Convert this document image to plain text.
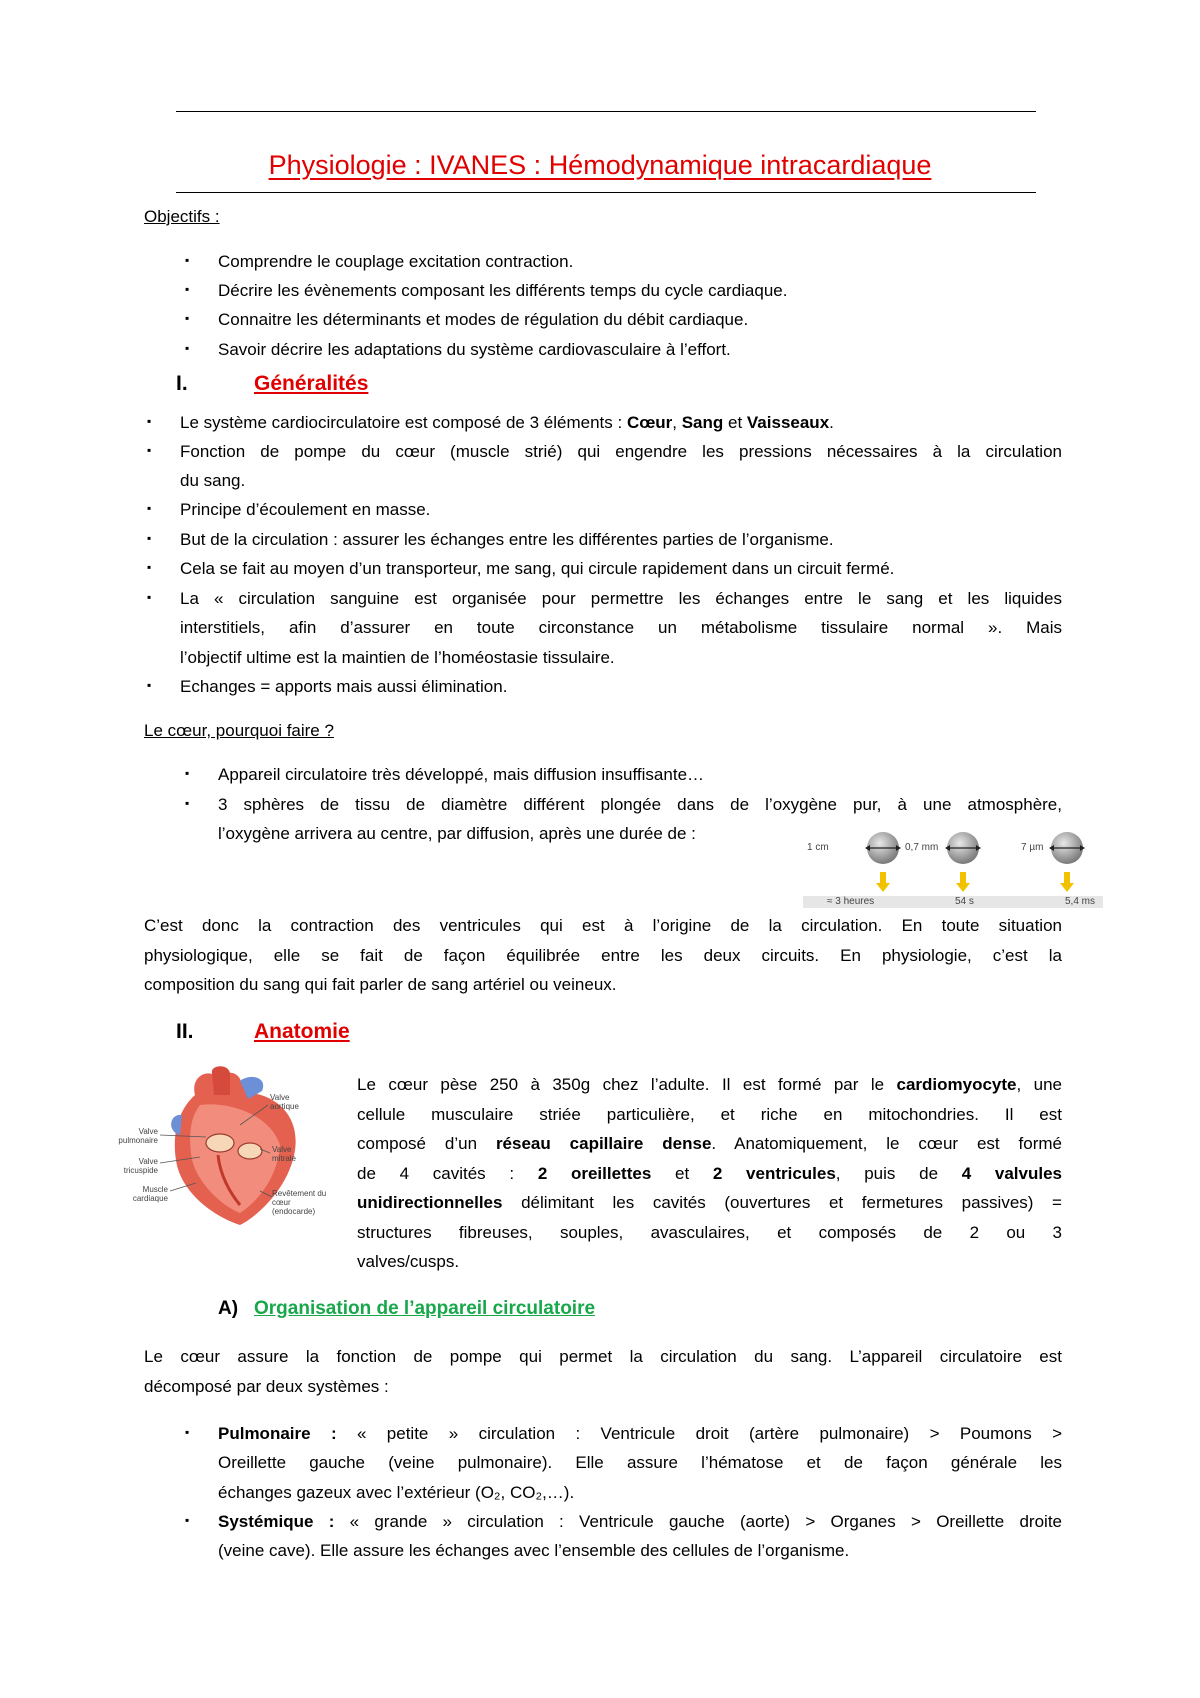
Physiologie : IVANES : Hémodynamique intracardiaque
Objectifs :
▪ Comprendre le couplage excitation contraction.
▪ Décrire les évènements composant les différents temps du cycle cardiaque.
▪ Connaitre les déterminants et modes de régulation du débit cardiaque.
▪ Savoir décrire les adaptations du système cardiovasculaire à l’effort.
I.	Généralités
▪ Le système cardiocirculatoire est composé de 3 éléments : Cœur, Sang et Vaisseaux.
▪ Fonction de pompe du cœur (muscle strié) qui engendre les pressions nécessaires à la circulation
du sang.
▪ Principe d’écoulement en masse.
▪ But de la circulation : assurer les échanges entre les différentes parties de l’organisme.
▪ Cela se fait au moyen d’un transporteur, me sang, qui circule rapidement dans un circuit fermé.
▪ La « circulation sanguine est organisée pour permettre les échanges entre le sang et les liquides
interstitiels, afin d’assurer en toute circonstance un métabolisme tissulaire normal ». Mais
l’objectif ultime est la maintien de l’homéostasie tissulaire.
▪ Echanges = apports mais aussi élimination.
Le cœur, pourquoi faire ?
▪ Appareil circulatoire très développé, mais diffusion insuffisante…
▪ 3 sphères de tissu de diamètre différent plongée dans de l’oxygène pur, à une atmosphère,
l’oxygène arrivera au centre, par diffusion, après une durée de :
1 cm	0,7 mm	7 µm
≈ 3 heures	54 s	5,4 ms
C’est donc la contraction des ventricules qui est à l’origine de la circulation. En toute situation
physiologique, elle se fait de façon équilibrée entre les deux circuits. En physiologie, c’est la
composition du sang qui fait parler de sang artériel ou veineux.
II.	Anatomie
Valve aortique
Valve pulmonaire
Valve mitrale
Valve tricuspide
Muscle cardiaque
Revêtement du cœur (endocarde)
Le cœur pèse 250 à 350g chez l’adulte. Il est formé par le cardiomyocyte, une
cellule musculaire striée particulière, et riche en mitochondries. Il est
composé d’un réseau capillaire dense. Anatomiquement, le cœur est formé
de 4 cavités : 2 oreillettes et 2 ventricules, puis de 4 valvules
unidirectionnelles délimitant les cavités (ouvertures et fermetures passives) =
structures fibreuses, souples, avasculaires, et composés de 2 ou 3
valves/cusps.
A) Organisation de l’appareil circulatoire
Le cœur assure la fonction de pompe qui permet la circulation du sang. L’appareil circulatoire est
décomposé par deux systèmes :
▪ Pulmonaire : « petite » circulation : Ventricule droit (artère pulmonaire) > Poumons >
Oreillette gauche (veine pulmonaire). Elle assure l’hématose et de façon générale les
échanges gazeux avec l’extérieur (O₂, CO₂,…).
▪ Systémique : « grande » circulation : Ventricule gauche (aorte) > Organes > Oreillette droite
(veine cave). Elle assure les échanges avec l’ensemble des cellules de l’organisme.
